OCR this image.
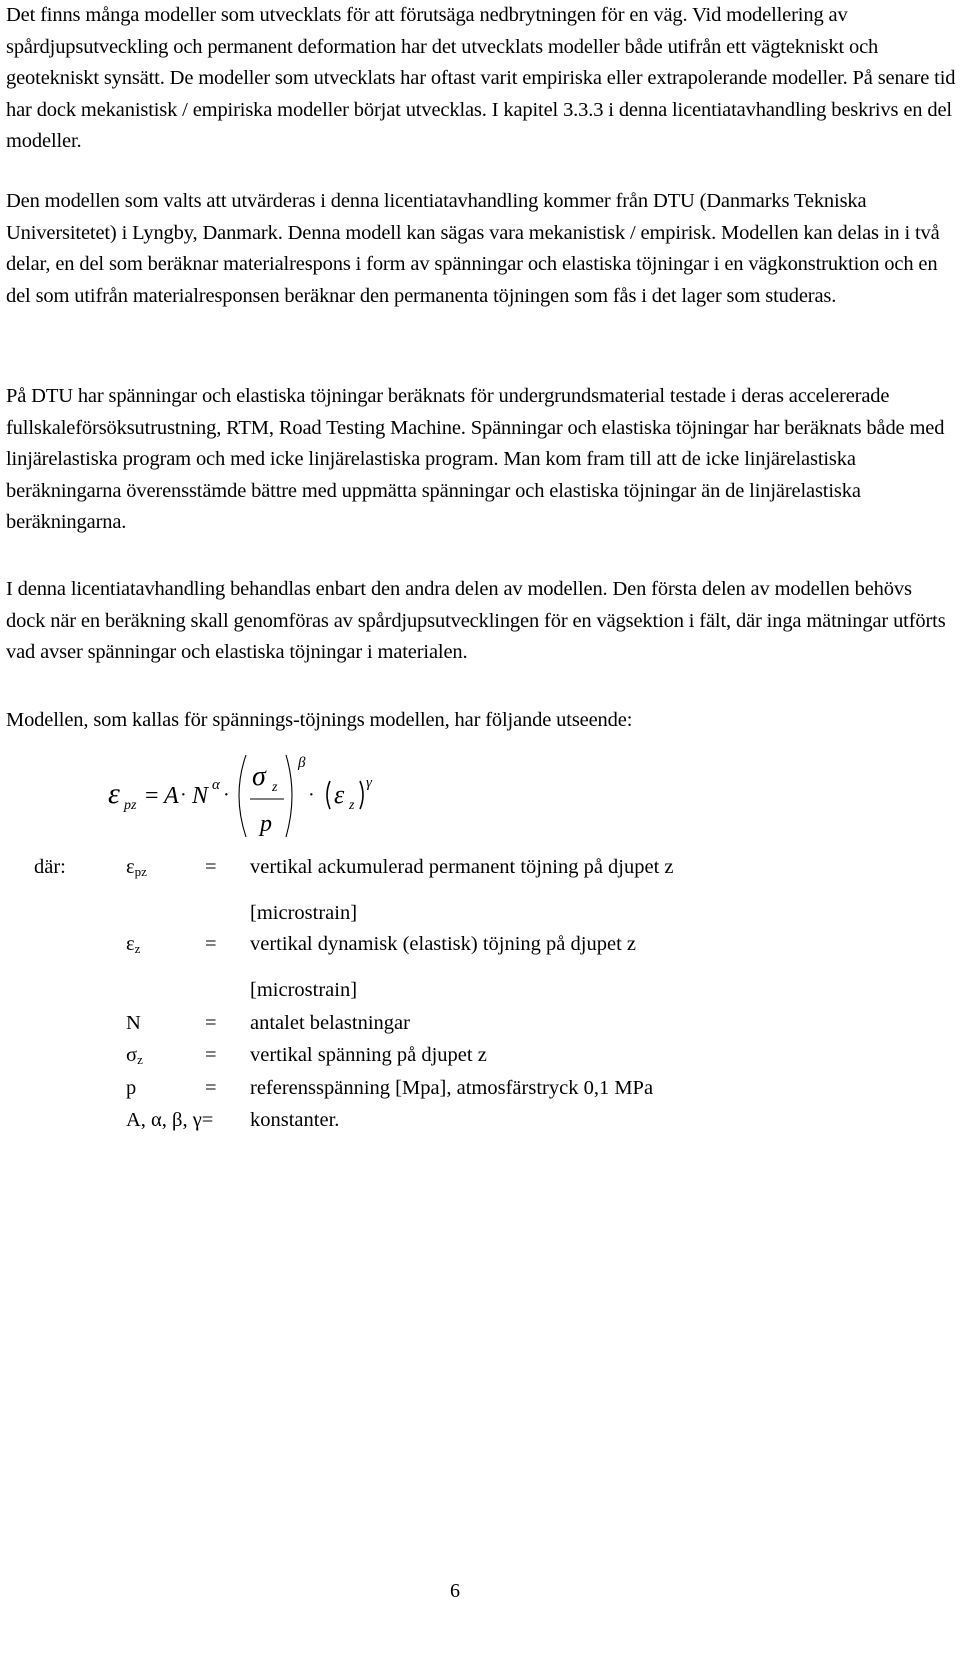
Det finns många modeller som utvecklats för att förutsäga nedbrytningen för en väg. Vid modellering av spårdjupsutveckling och permanent deformation har det utvecklats modeller både utifrån ett vägtekniskt och geotekniskt synsätt. De modeller som utvecklats har oftast varit empiriska eller extrapolerande modeller. På senare tid har dock mekanistisk / empiriska modeller börjat utvecklas. I kapitel 3.3.3 i denna licentiatavhandling beskrivs en del modeller.

Den modellen som valts att utvärderas i denna licentiatavhandling kommer från DTU (Danmarks Tekniska Universitetet) i Lyngby, Danmark. Denna modell kan sägas vara mekanistisk / empirisk. Modellen kan delas in i två delar, en del som beräknar materialrespons i form av spänningar och elastiska töjningar i en vägkonstruktion och en del som utifrån materialresponsen beräknar den permanenta töjningen som fås i det lager som studeras.

På DTU har spänningar och elastiska töjningar beräknats för undergrundsmaterial testade i deras accelererade fullskaleförsöksutrustning, RTM, Road Testing Machine. Spänningar och elastiska töjningar har beräknats både med linjärelastiska program och med icke linjärelastiska program. Man kom fram till att de icke linjärelastiska beräkningarna överensstämde bättre med uppmätta spänningar och elastiska töjningar än de linjärelastiska beräkningarna.

I denna licentiatavhandling behandlas enbart den andra delen av modellen. Den första delen av modellen behövs dock när en beräkning skall genomföras av spårdjupsutvecklingen för en vägsektion i fält, där inga mätningar utförts vad avser spänningar och elastiska töjningar i materialen.

Modellen, som kallas för spännings-töjnings modellen, har följande utseende:

ε pz = A · N α ·
σ z
p
β
· ε z
γ
där:	$\varepsilon_{pz}$	= vertikal ackumulerad permanent töjning på djupet z
[microstrain]
$\varepsilon_z$	= vertikal dynamisk (elastisk) töjning på djupet z
[microstrain]
N	= antalet belastningar
$\sigma_z$	= vertikal spänning på djupet z
p	= referensspänning [Mpa], atmosfärstryck 0,1 MPa
A, α, β, γ= konstanter.
6
